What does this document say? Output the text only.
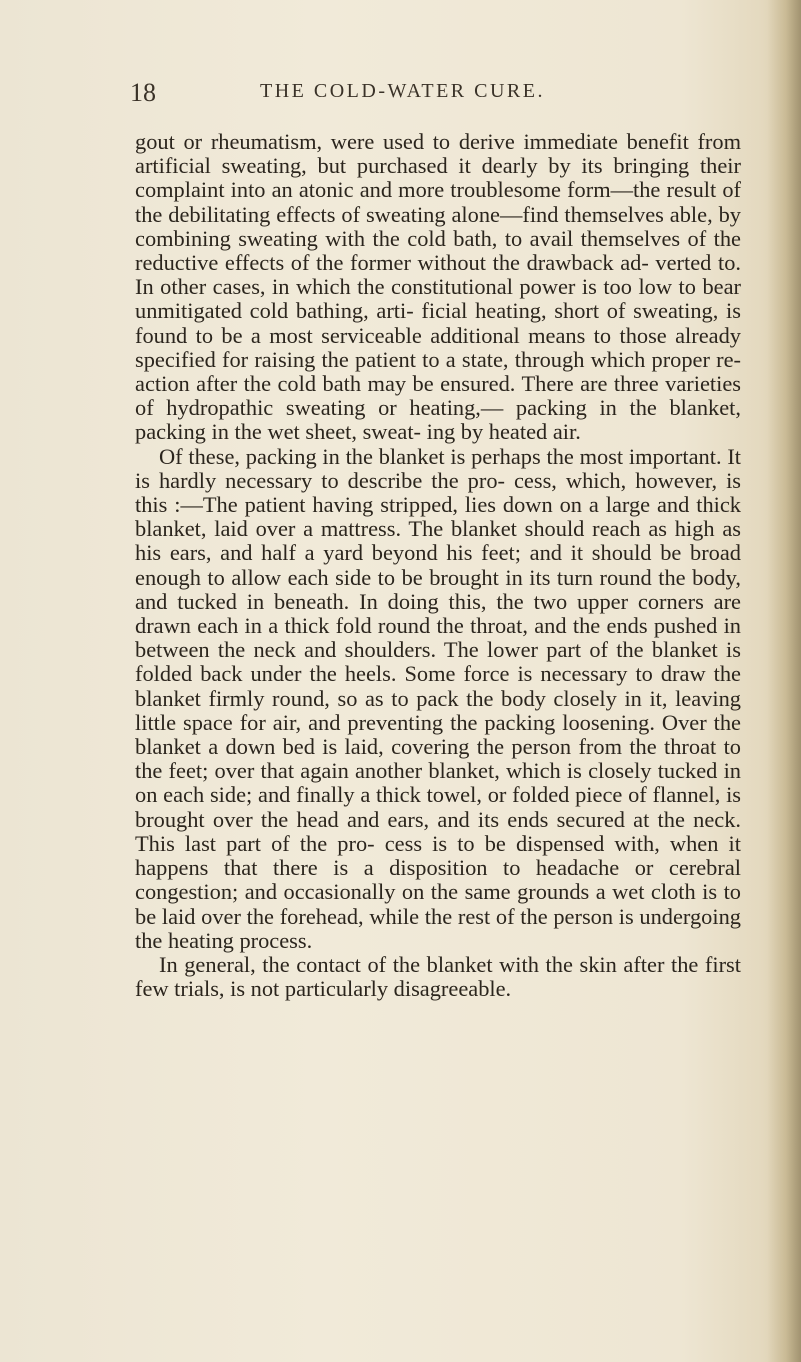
18	THE COLD-WATER CURE.

gout or rheumatism, were used to derive immediate benefit from artificial sweating, but purchased it dearly by its bringing their complaint into an atonic and more troublesome form—the result of the debilitating effects of sweating alone—find themselves able, by combining sweating with the cold bath, to avail themselves of the reductive effects of the former without the drawback ad- verted to. In other cases, in which the constitutional power is too low to bear unmitigated cold bathing, arti- ficial heating, short of sweating, is found to be a most serviceable additional means to those already specified for raising the patient to a state, through which proper re-action after the cold bath may be ensured. There are three varieties of hydropathic sweating or heating,— packing in the blanket, packing in the wet sheet, sweat- ing by heated air.

Of these, packing in the blanket is perhaps the most important. It is hardly necessary to describe the pro- cess, which, however, is this :—The patient having stripped, lies down on a large and thick blanket, laid over a mattress. The blanket should reach as high as his ears, and half a yard beyond his feet; and it should be broad enough to allow each side to be brought in its turn round the body, and tucked in beneath. In doing this, the two upper corners are drawn each in a thick fold round the throat, and the ends pushed in between the neck and shoulders. The lower part of the blanket is folded back under the heels. Some force is necessary to draw the blanket firmly round, so as to pack the body closely in it, leaving little space for air, and preventing the packing loosening. Over the blanket a down bed is laid, covering the person from the throat to the feet; over that again another blanket, which is closely tucked in on each side; and finally a thick towel, or folded piece of flannel, is brought over the head and ears, and its ends secured at the neck. This last part of the pro- cess is to be dispensed with, when it happens that there is a disposition to headache or cerebral congestion; and occasionally on the same grounds a wet cloth is to be laid over the forehead, while the rest of the person is undergoing the heating process.

In general, the contact of the blanket with the skin after the first few trials, is not particularly disagreeable.
